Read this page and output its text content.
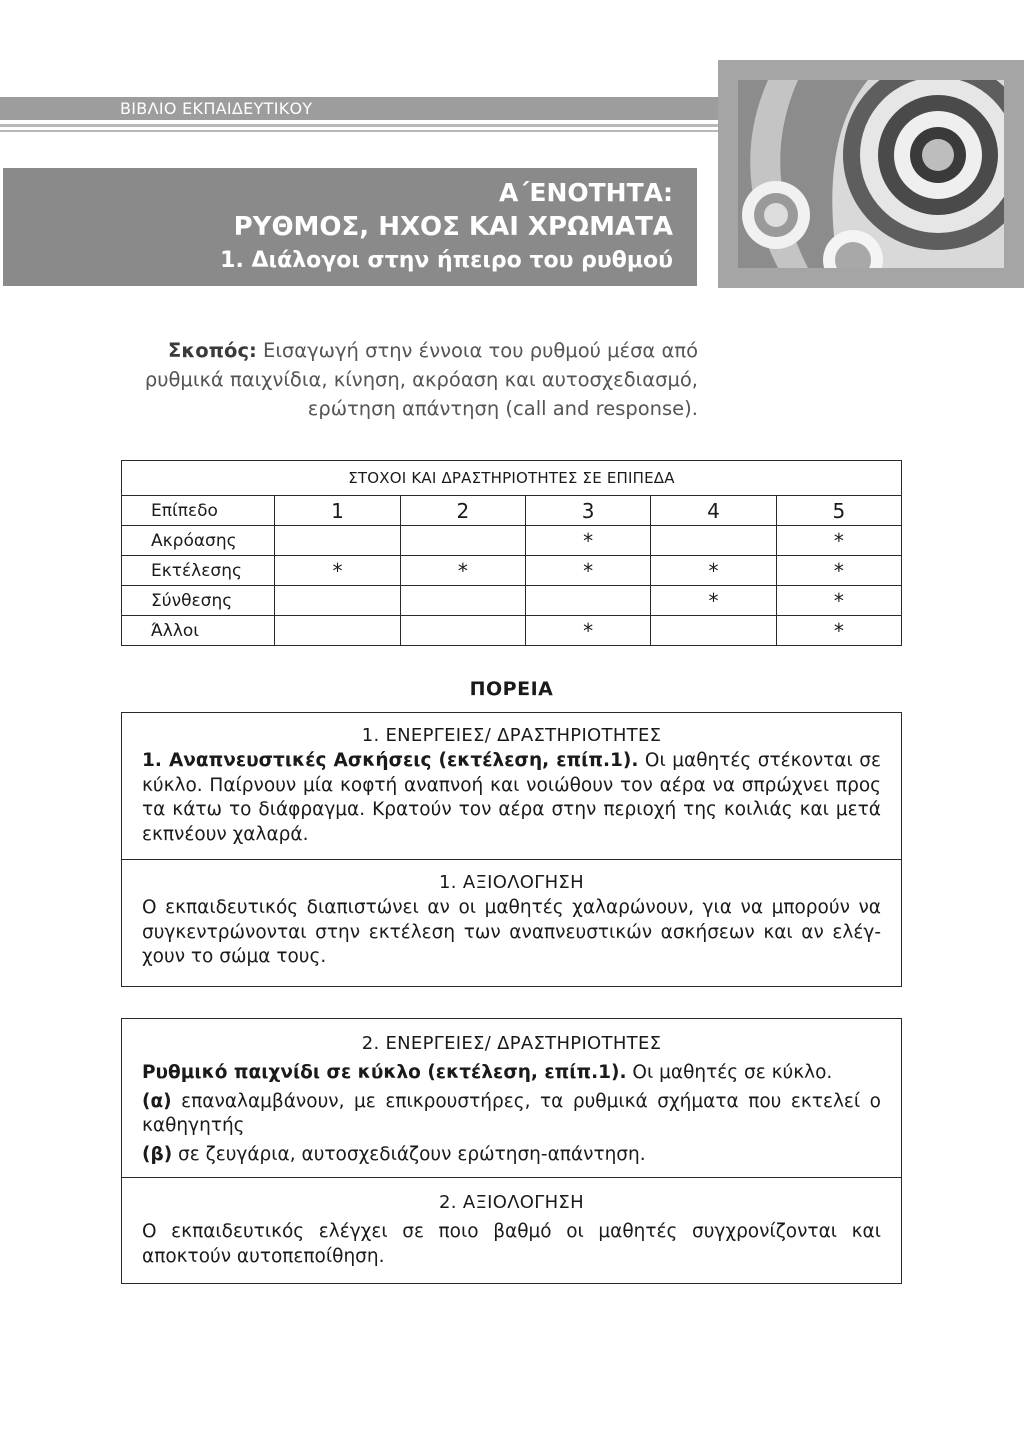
ΒΙΒΛΙΟ ΕΚΠΑΙΔΕΥΤΙΚΟΥ
Α΄ΕΝΟΤΗΤΑ:
ΡΥΘΜΟΣ, ΗΧΟΣ ΚΑΙ ΧΡΩΜΑΤΑ
1. Διάλογοι στην ήπειρο του ρυθμού
Σκοπός: Εισαγωγή στην έννοια του ρυθμού μέσα από
ρυθμικά παιχνίδια, κίνηση, ακρόαση και αυτοσχεδιασμό,
ερώτηση απάντηση (call and response).
ΣΤΟΧΟΙ ΚΑΙ ΔΡΑΣΤΗΡΙΟΤΗΤΕΣ ΣΕ ΕΠΙΠΕΔΑ					
Επίπεδο	1	2	3	4	5
Ακρόασης			*		*
Εκτέλεσης	*	*	*	*	*
Σύνθεσης				*	*
Άλλοι			*		*
ΠΟΡΕΙΑ
1. ΕΝΕΡΓΕΙΕΣ/ ΔΡΑΣΤΗΡΙΟΤΗΤΕΣ
1. Αναπνευστικές Ασκήσεις (εκτέλεση, επίπ.1). Οι μαθητές στέκονται σε κύκλο. Παίρνουν μία κοφτή αναπνοή και νοιώθουν τον αέρα να σπρώχνει προς τα κάτω το διάφραγμα. Κρατούν τον αέρα στην περιοχή της κοιλιάς και μετά εκπνέουν χαλαρά.
1. ΑΞΙΟΛΟΓΗΣΗ
Ο εκπαιδευτικός διαπιστώνει αν οι μαθητές χαλαρώνουν, για να μπορούν να συγκεντρώνονται στην εκτέλεση των αναπνευστικών ασκήσεων και αν ελέγ-χουν το σώμα τους.
2. ΕΝΕΡΓΕΙΕΣ/ ΔΡΑΣΤΗΡΙΟΤΗΤΕΣ
Ρυθμικό παιχνίδι σε κύκλο (εκτέλεση, επίπ.1). Οι μαθητές σε κύκλο.
(α) επαναλαμβάνουν, με επικρουστήρες, τα ρυθμικά σχήματα που εκτελεί ο καθηγητής
(β) σε ζευγάρια, αυτοσχεδιάζουν ερώτηση-απάντηση.
2. ΑΞΙΟΛΟΓΗΣΗ
Ο εκπαιδευτικός ελέγχει σε ποιο βαθμό οι μαθητές συγχρονίζονται και αποκτούν αυτοπεποίθηση.
